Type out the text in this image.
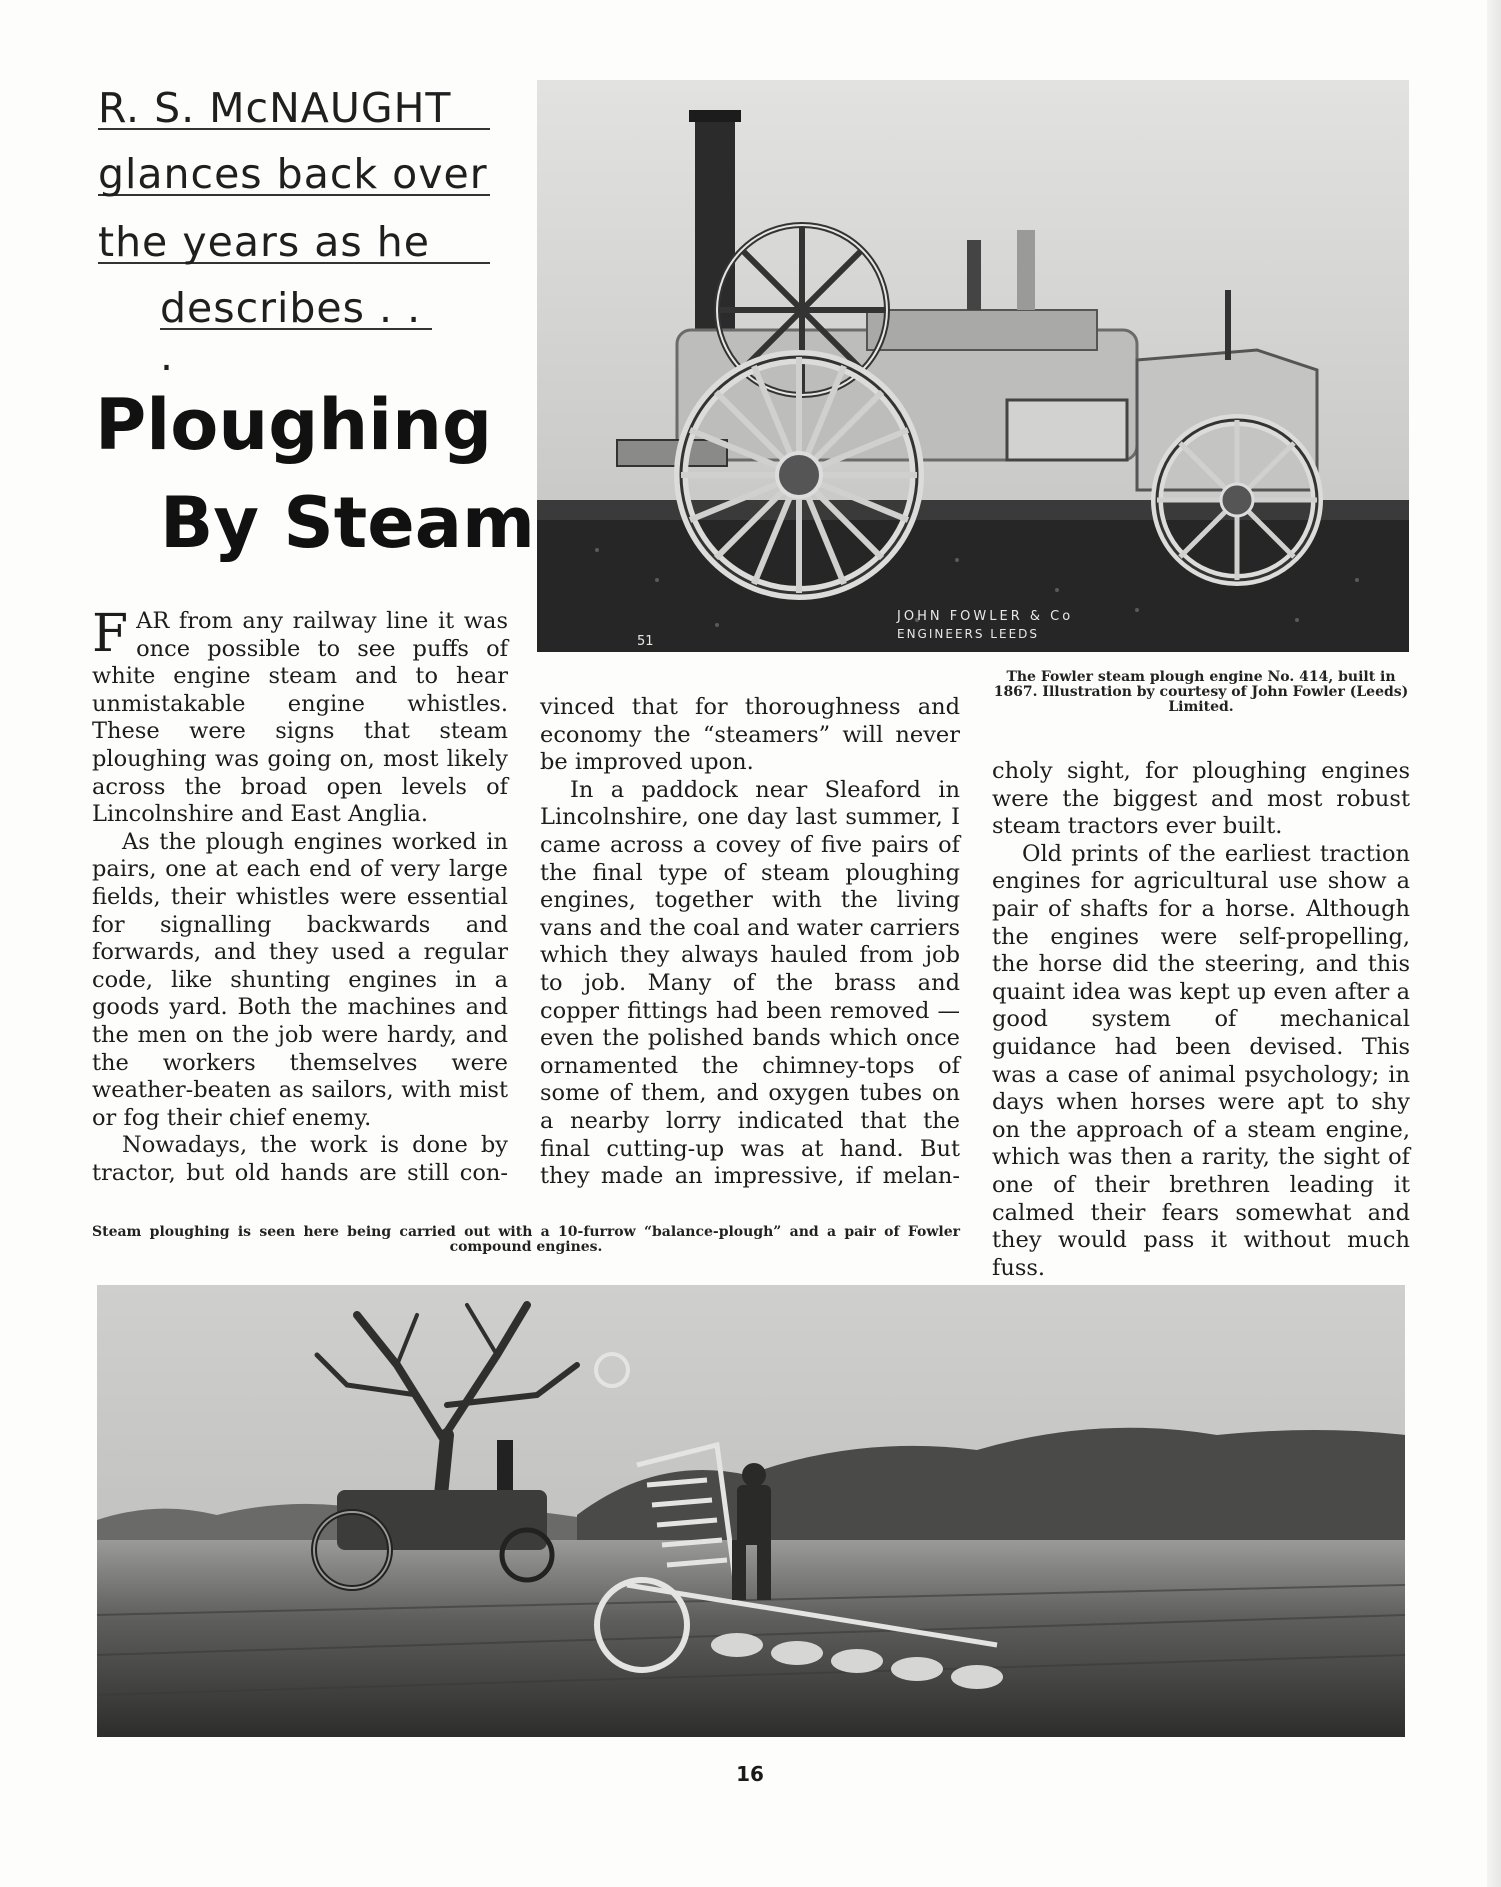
R. S. McNAUGHT
glances back over
the years as he
describes . . .
Ploughing
By Steam
51
JOHN FOWLER & Co
ENGINEERS LEEDS
The Fowler steam plough engine No. 414, built in 1867. Illustration by courtesy of John Fowler (Leeds) Limited.

FAR from any railway line it was once possible to see puffs of white engine steam and to hear unmistakable engine whistles. These were signs that steam ploughing was going on, most likely across the broad open levels of Lincolnshire and East Anglia.

As the plough engines worked in pairs, one at each end of very large fields, their whistles were essential for signalling backwards and forwards, and they used a regular code, like shunting engines in a goods yard. Both the machines and the men on the job were hardy, and the workers themselves were weather-beaten as sailors, with mist or fog their chief enemy.

Nowadays, the work is done by tractor, but old hands are still con-

vinced that for thoroughness and economy the “steamers” will never be improved upon.

In a paddock near Sleaford in Lincolnshire, one day last summer, I came across a covey of five pairs of the final type of steam ploughing engines, together with the living vans and the coal and water carriers which they always hauled from job to job. Many of the brass and copper fittings had been removed —even the polished bands which once ornamented the chimney-tops of some of them, and oxygen tubes on a nearby lorry indicated that the final cutting-up was at hand. But they made an impressive, if melan-

choly sight, for ploughing engines were the biggest and most robust steam tractors ever built.

Old prints of the earliest traction engines for agricultural use show a pair of shafts for a horse. Although the engines were self-propelling, the horse did the steering, and this quaint idea was kept up even after a good system of mechanical guidance had been devised. This was a case of animal psychology; in days when horses were apt to shy on the approach of a steam engine, which was then a rarity, the sight of one of their brethren leading it calmed their fears somewhat and they would pass it without much fuss.

Steam ploughing is seen here being carried out with a 10-furrow “balance-plough” and a pair of Fowler compound engines.
16
